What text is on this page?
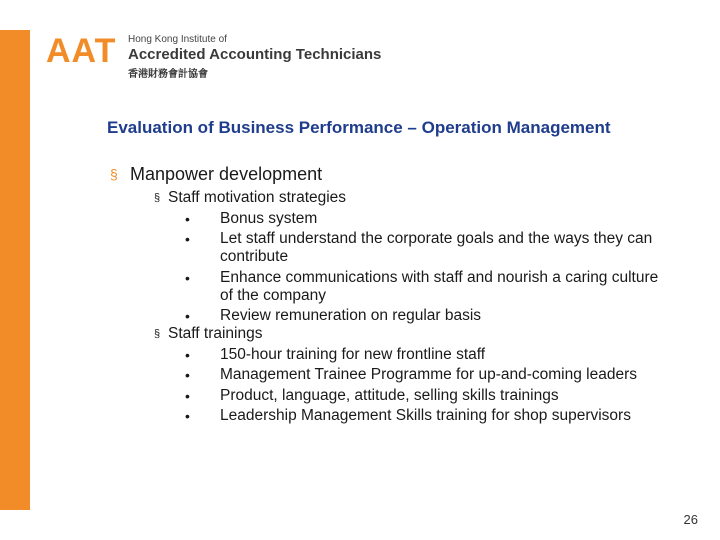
AAT Hong Kong Institute of
Accredited Accounting Technicians
香港財務會計協會
Evaluation of Business Performance – Operation Management
§ Manpower development
§ Staff motivation strategies
• Bonus system
• Let staff understand the corporate goals and the ways they can contribute
• Enhance communications with staff and nourish a caring culture of the company
• Review remuneration on regular basis
§ Staff trainings
• 150-hour training for new frontline staff
• Management Trainee Programme for up-and-coming leaders
• Product, language, attitude, selling skills trainings
• Leadership Management Skills training for shop supervisors
26
